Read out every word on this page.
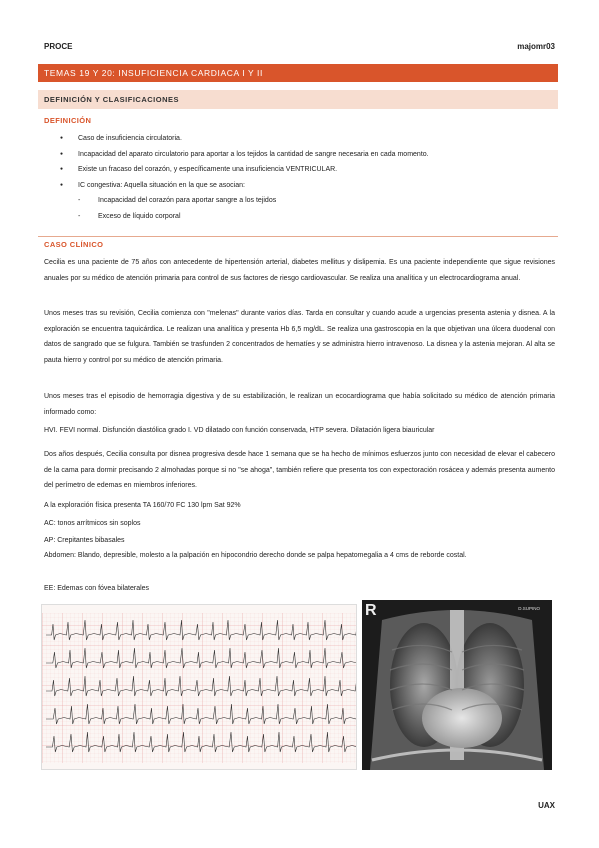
PROCE	majomr03
TEMAS 19 Y 20: INSUFICIENCIA CARDIACA I Y II
DEFINICIÓN Y CLASIFICACIONES
DEFINICIÓN
● Caso de insuficiencia circulatoria.
● Incapacidad del aparato circulatorio para aportar a los tejidos la cantidad de sangre necesaria en cada momento.
● Existe un fracaso del corazón, y específicamente una insuficiencia VENTRICULAR.
● IC congestiva: Aquella situación en la que se asocian:
- Incapacidad del corazón para aportar sangre a los tejidos
- Exceso de líquido corporal
CASO CLÍNICO
Cecilia es una paciente de 75 años con antecedente de hipertensión arterial, diabetes mellitus y dislipemia. Es una paciente independiente que sigue revisiones anuales por su médico de atención primaria para control de sus factores de riesgo cardiovascular. Se realiza una analítica y un electrocardiograma anual.
Unos meses tras su revisión, Cecilia comienza con "melenas" durante varios días. Tarda en consultar y cuando acude a urgencias presenta astenia y disnea. A la exploración se encuentra taquicárdica. Le realizan una analítica y presenta Hb 6,5 mg/dL. Se realiza una gastroscopia en la que objetivan una úlcera duodenal con datos de sangrado que se fulgura. También se trasfunden 2 concentrados de hematíes y se administra hierro intravenoso. La disnea y la astenia mejoran. Al alta se pauta hierro y control por su médico de atención primaria.
Unos meses tras el episodio de hemorragia digestiva y de su estabilización, le realizan un ecocardiograma que había solicitado su médico de atención primaria informado como:
HVI. FEVI normal. Disfunción diastólica grado I. VD dilatado con función conservada, HTP severa. Dilatación ligera biauricular
Dos años después, Cecilia consulta por disnea progresiva desde hace 1 semana que se ha hecho de mínimos esfuerzos junto con necesidad de elevar el cabecero de la cama para dormir precisando 2 almohadas porque si no "se ahoga", también refiere que presenta tos con expectoración rosácea y además presenta aumento del perímetro de edemas en miembros inferiores.
A la exploración física presenta TA 160/70 FC 130 lpm Sat 92%
AC: tonos arrítmicos sin soplos
AP: Crepitantes bibasales
Abdomen: Blando, depresible, molesto a la palpación en hipocondrio derecho donde se palpa hepatomegalia a 4 cms de reborde costal.
EE: Edemas con fóvea bilaterales
R	D.SUPINO
UAX
